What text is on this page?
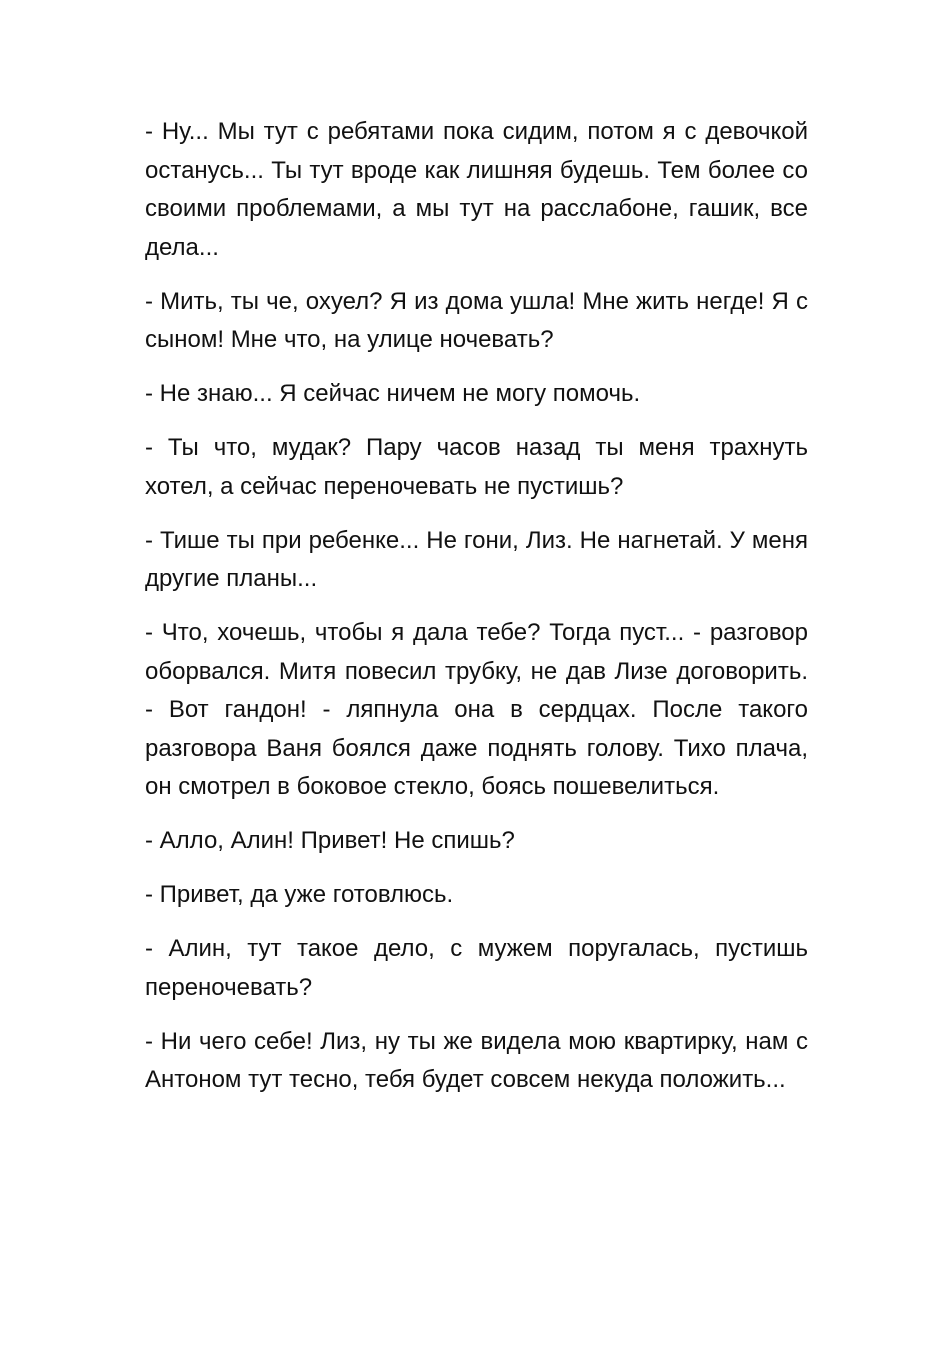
- Ну... Мы тут с ребятами пока сидим, потом я с девочкой останусь... Ты тут вроде как лишняя будешь. Тем более со своими проблемами, а мы тут на расслабоне, гашик, все дела...

- Мить, ты че, охуел? Я из дома ушла! Мне жить негде! Я с сыном! Мне что, на улице ночевать?

- Не знаю... Я сейчас ничем не могу помочь.

- Ты что, мудак? Пару часов назад ты меня трахнуть хотел, а сейчас переночевать не пустишь?

- Тише ты при ребенке... Не гони, Лиз. Не нагнетай. У меня другие планы...

- Что, хочешь, чтобы я дала тебе? Тогда пуст... - разговор оборвался. Митя повесил трубку, не дав Лизе договорить. - Вот гандон! - ляпнула она в сердцах. После такого разговора Ваня боялся даже поднять голову. Тихо плача, он смотрел в боковое стекло, боясь пошевелиться.

- Алло, Алин! Привет! Не спишь?

- Привет, да уже готовлюсь.

- Алин, тут такое дело, с мужем поругалась, пустишь переночевать?

- Ни чего себе! Лиз, ну ты же видела мою квартирку, нам с Антоном тут тесно, тебя будет совсем некуда положить...
